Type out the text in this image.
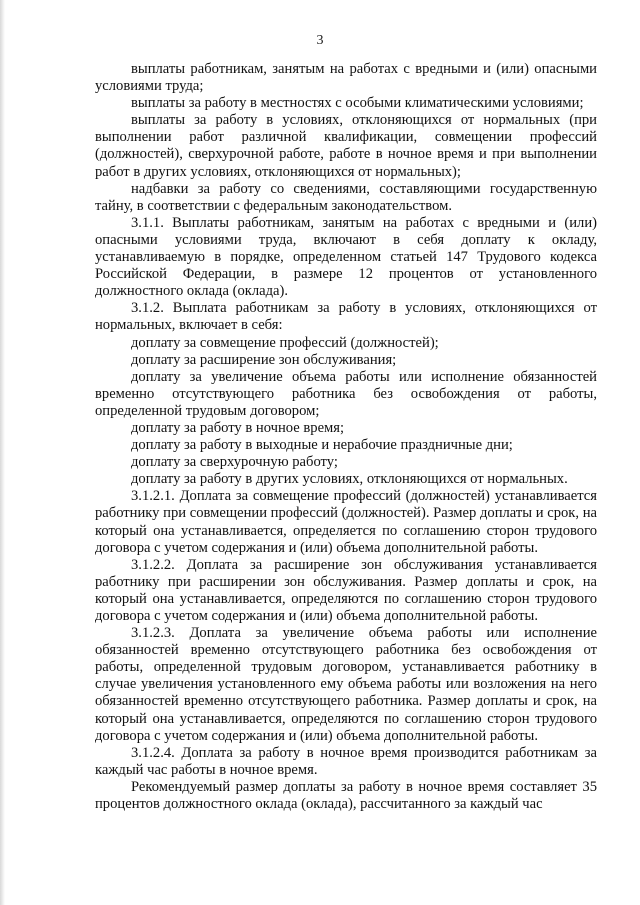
3

выплаты работникам, занятым на работах с вредными и (или) опасными условиями труда;

выплаты за работу в местностях с особыми климатическими условиями;

выплаты за работу в условиях, отклоняющихся от нормальных (при выполнении работ различной квалификации, совмещении профессий (должностей), сверхурочной работе, работе в ночное время и при выполнении работ в других условиях, отклоняющихся от нормальных);

надбавки за работу со сведениями, составляющими государственную тайну, в соответствии с федеральным законодательством.

3.1.1. Выплаты работникам, занятым на работах с вредными и (или) опасными условиями труда, включают в себя доплату к окладу, устанавливаемую в порядке, определенном статьей 147 Трудового кодекса Российской Федерации, в размере 12 процентов от установленного должностного оклада (оклада).

3.1.2. Выплата работникам за работу в условиях, отклоняющихся от нормальных, включает в себя:

доплату за совмещение профессий (должностей);

доплату за расширение зон обслуживания;

доплату за увеличение объема работы или исполнение обязанностей временно отсутствующего работника без освобождения от работы, определенной трудовым договором;

доплату за работу в ночное время;

доплату за работу в выходные и нерабочие праздничные дни;

доплату за сверхурочную работу;

доплату за работу в других условиях, отклоняющихся от нормальных.

3.1.2.1. Доплата за совмещение профессий (должностей) устанавливается работнику при совмещении профессий (должностей). Размер доплаты и срок, на который она устанавливается, определяется по соглашению сторон трудового договора с учетом содержания и (или) объема дополнительной работы.

3.1.2.2. Доплата за расширение зон обслуживания устанавливается работнику при расширении зон обслуживания. Размер доплаты и срок, на который она устанавливается, определяются по соглашению сторон трудового договора с учетом содержания и (или) объема дополнительной работы.

3.1.2.3. Доплата за увеличение объема работы или исполнение обязанностей временно отсутствующего работника без освобождения от работы, определенной трудовым договором, устанавливается работнику в случае увеличения установленного ему объема работы или возложения на него обязанностей временно отсутствующего работника. Размер доплаты и срок, на который она устанавливается, определяются по соглашению сторон трудового договора с учетом содержания и (или) объема дополнительной работы.

3.1.2.4. Доплата за работу в ночное время производится работникам за каждый час работы в ночное время.

Рекомендуемый размер доплаты за работу в ночное время составляет 35 процентов должностного оклада (оклада), рассчитанного за каждый час
